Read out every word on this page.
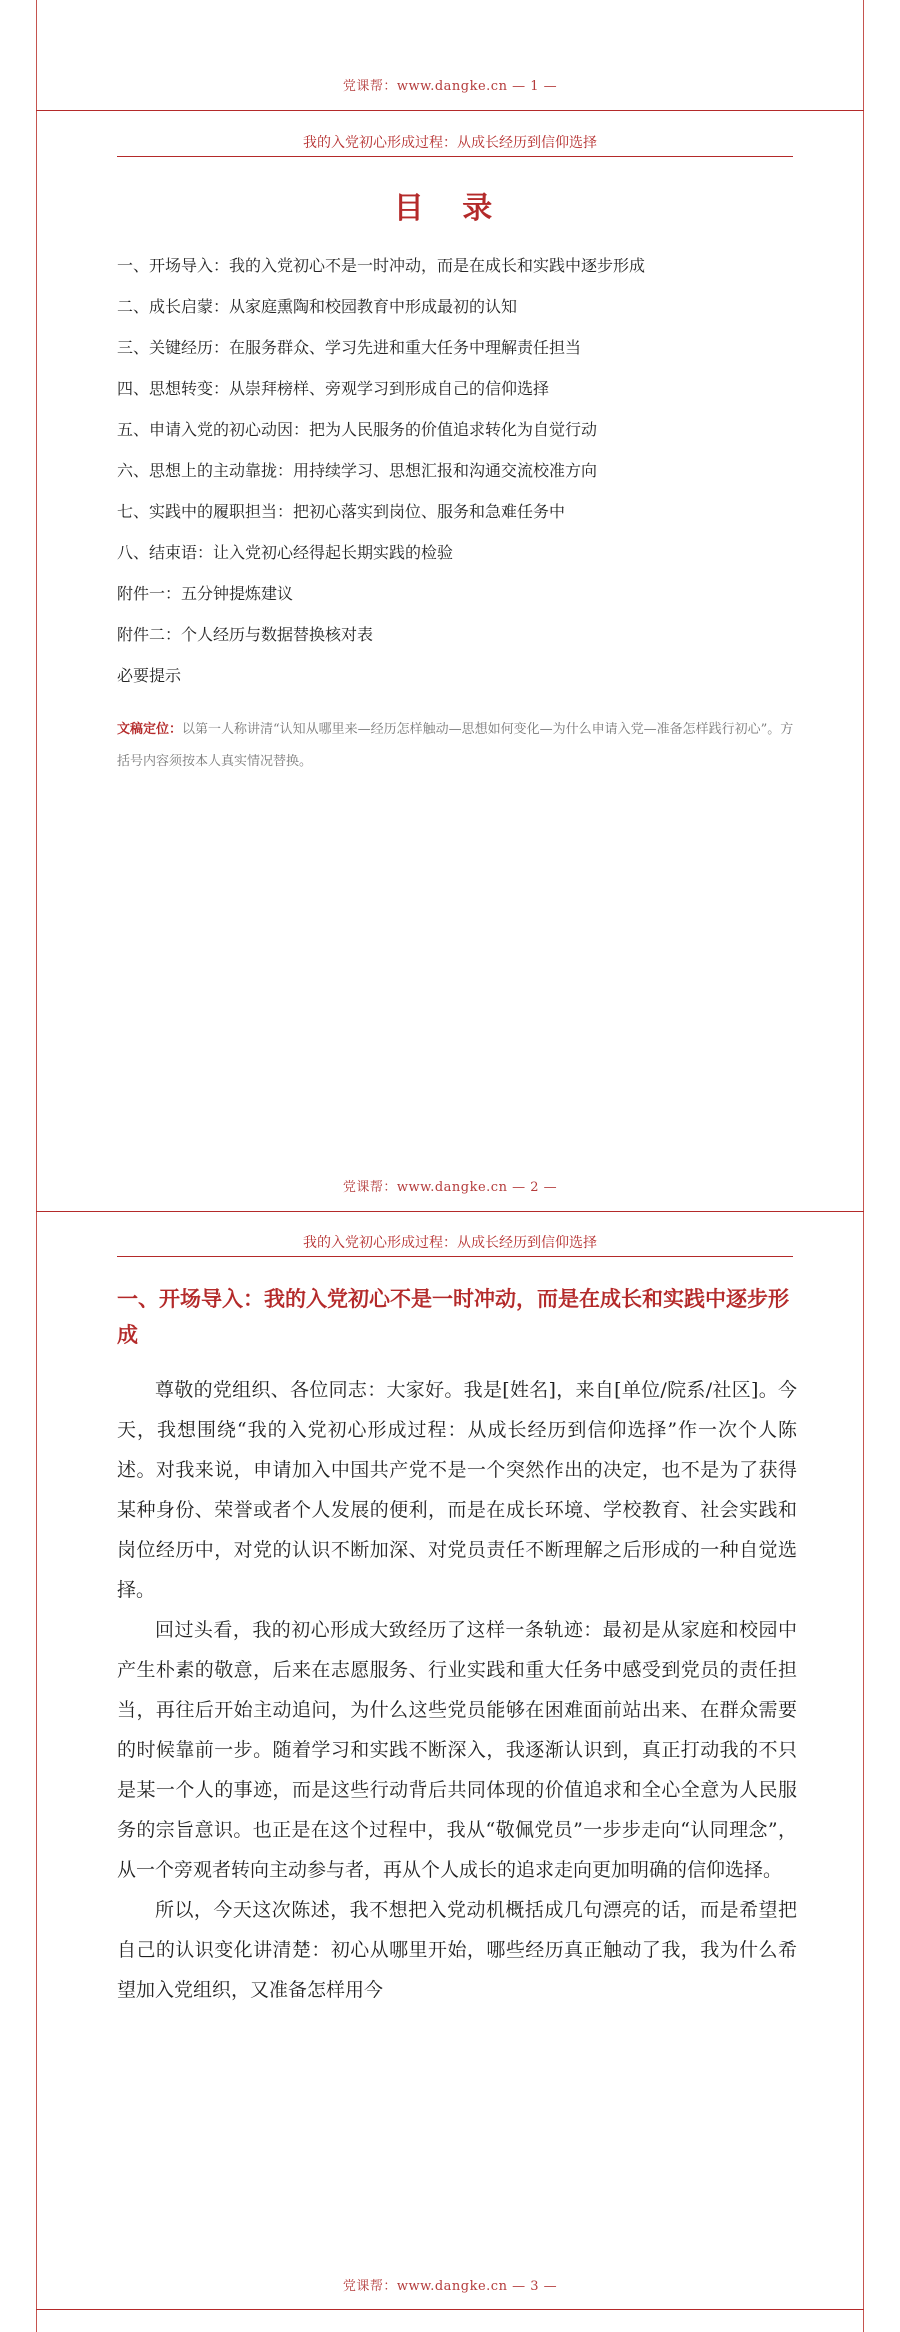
党课帮：www.dangke.cn — 1 —
我的入党初心形成过程：从成长经历到信仰选择
目 录
一、开场导入：我的入党初心不是一时冲动，而是在成长和实践中逐步形成
二、成长启蒙：从家庭熏陶和校园教育中形成最初的认知
三、关键经历：在服务群众、学习先进和重大任务中理解责任担当
四、思想转变：从崇拜榜样、旁观学习到形成自己的信仰选择
五、申请入党的初心动因：把为人民服务的价值追求转化为自觉行动
六、思想上的主动靠拢：用持续学习、思想汇报和沟通交流校准方向
七、实践中的履职担当：把初心落实到岗位、服务和急难任务中
八、结束语：让入党初心经得起长期实践的检验
附件一：五分钟提炼建议
附件二：个人经历与数据替换核对表
必要提示
文稿定位：以第一人称讲清“认知从哪里来—经历怎样触动—思想如何变化—为什么申请入党—准备怎样践行初心”。方括号内容须按本人真实情况替换。
党课帮：www.dangke.cn — 2 —
我的入党初心形成过程：从成长经历到信仰选择
一、开场导入：我的入党初心不是一时冲动，而是在成长和实践中逐步形成

尊敬的党组织、各位同志：大家好。我是[姓名]，来自[单位/院系/社区]。今天，我想围绕“我的入党初心形成过程：从成长经历到信仰选择”作一次个人陈述。对我来说，申请加入中国共产党不是一个突然作出的决定，也不是为了获得某种身份、荣誉或者个人发展的便利，而是在成长环境、学校教育、社会实践和岗位经历中，对党的认识不断加深、对党员责任不断理解之后形成的一种自觉选择。

回过头看，我的初心形成大致经历了这样一条轨迹：最初是从家庭和校园中产生朴素的敬意，后来在志愿服务、行业实践和重大任务中感受到党员的责任担当，再往后开始主动追问，为什么这些党员能够在困难面前站出来、在群众需要的时候靠前一步。随着学习和实践不断深入，我逐渐认识到，真正打动我的不只是某一个人的事迹，而是这些行动背后共同体现的价值追求和全心全意为人民服务的宗旨意识。也正是在这个过程中，我从“敬佩党员”一步步走向“认同理念”，从一个旁观者转向主动参与者，再从个人成长的追求走向更加明确的信仰选择。

所以，今天这次陈述，我不想把入党动机概括成几句漂亮的话，而是希望把自己的认识变化讲清楚：初心从哪里开始，哪些经历真正触动了我，我为什么希望加入党组织，又准备怎样用今

党课帮：www.dangke.cn — 3 —
